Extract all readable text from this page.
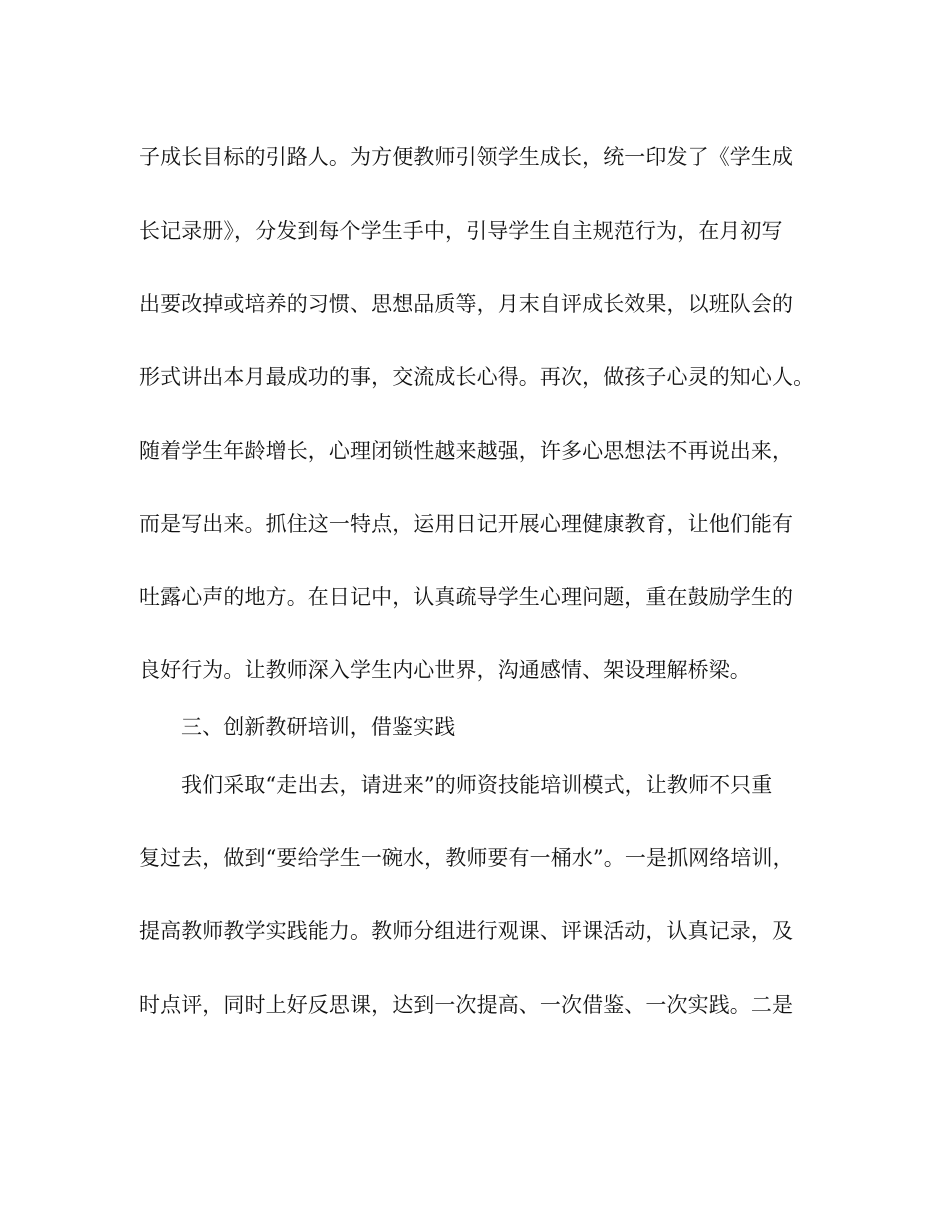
子成长目标的引路人。为方便教师引领学生成长，统一印发了《学生成

长记录册》，分发到每个学生手中，引导学生自主规范行为，在月初写

出要改掉或培养的习惯、思想品质等，月末自评成长效果，以班队会的

形式讲出本月最成功的事，交流成长心得。再次，做孩子心灵的知心人。

随着学生年龄增长，心理闭锁性越来越强，许多心思想法不再说出来，

而是写出来。抓住这一特点，运用日记开展心理健康教育，让他们能有

吐露心声的地方。在日记中，认真疏导学生心理问题，重在鼓励学生的

良好行为。让教师深入学生内心世界，沟通感情、架设理解桥梁。

三、创新教研培训，借鉴实践

我们采取“走出去，请进来”的师资技能培训模式，让教师不只重

复过去，做到“要给学生一碗水，教师要有一桶水”。一是抓网络培训，

提高教师教学实践能力。教师分组进行观课、评课活动，认真记录，及

时点评，同时上好反思课，达到一次提高、一次借鉴、一次实践。二是
